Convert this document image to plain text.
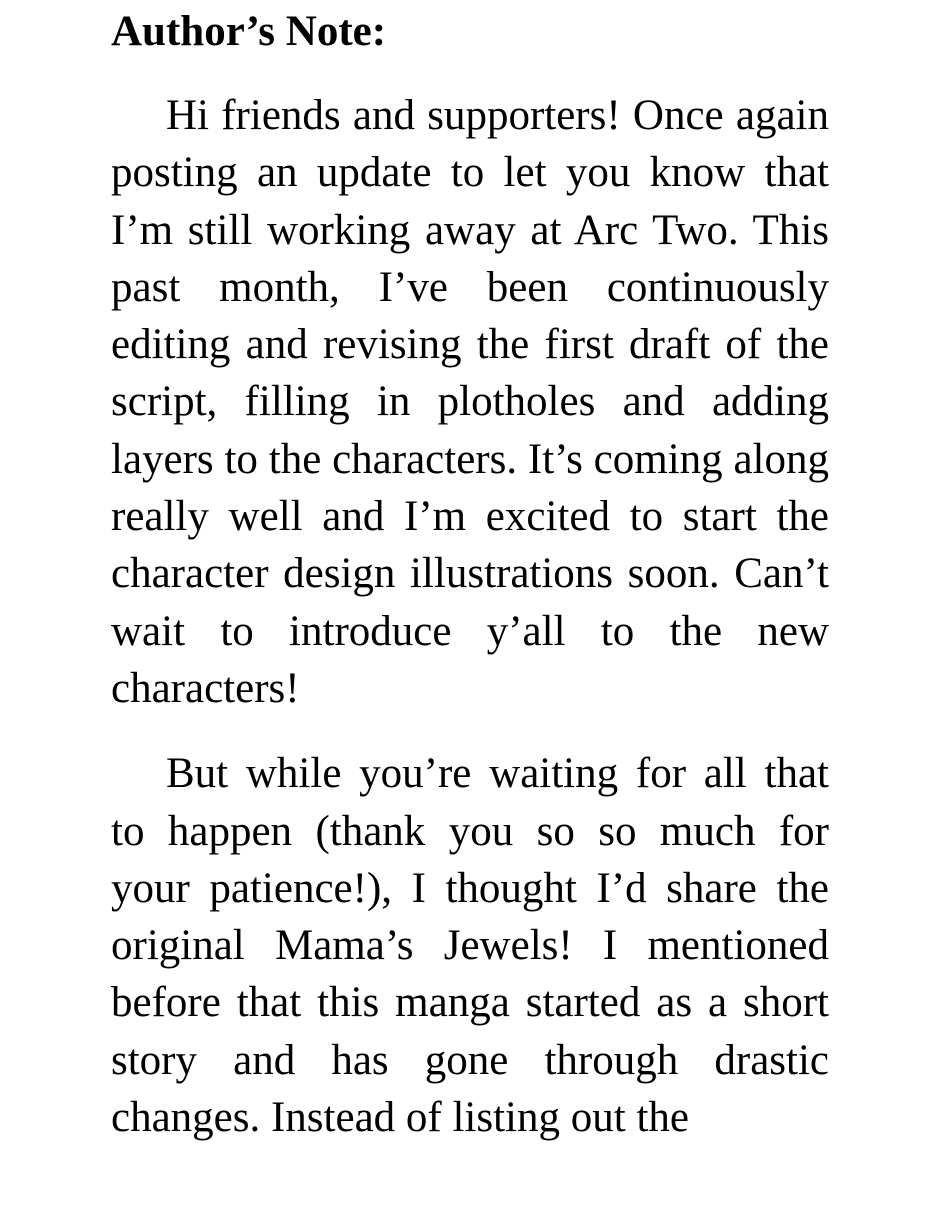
Author’s Note:

Hi friends and supporters! Once again posting an update to let you know that I’m still working away at Arc Two. This past month, I’ve been continuously editing and revising the first draft of the script, filling in plotholes and adding layers to the characters. It’s coming along really well and I’m excited to start the character design illustrations soon. Can’t wait to introduce y’all to the new characters!

But while you’re waiting for all that to happen (thank you so so much for your patience!), I thought I’d share the original Mama’s Jewels! I mentioned before that this manga started as a short story and has gone through drastic changes. Instead of listing out the
